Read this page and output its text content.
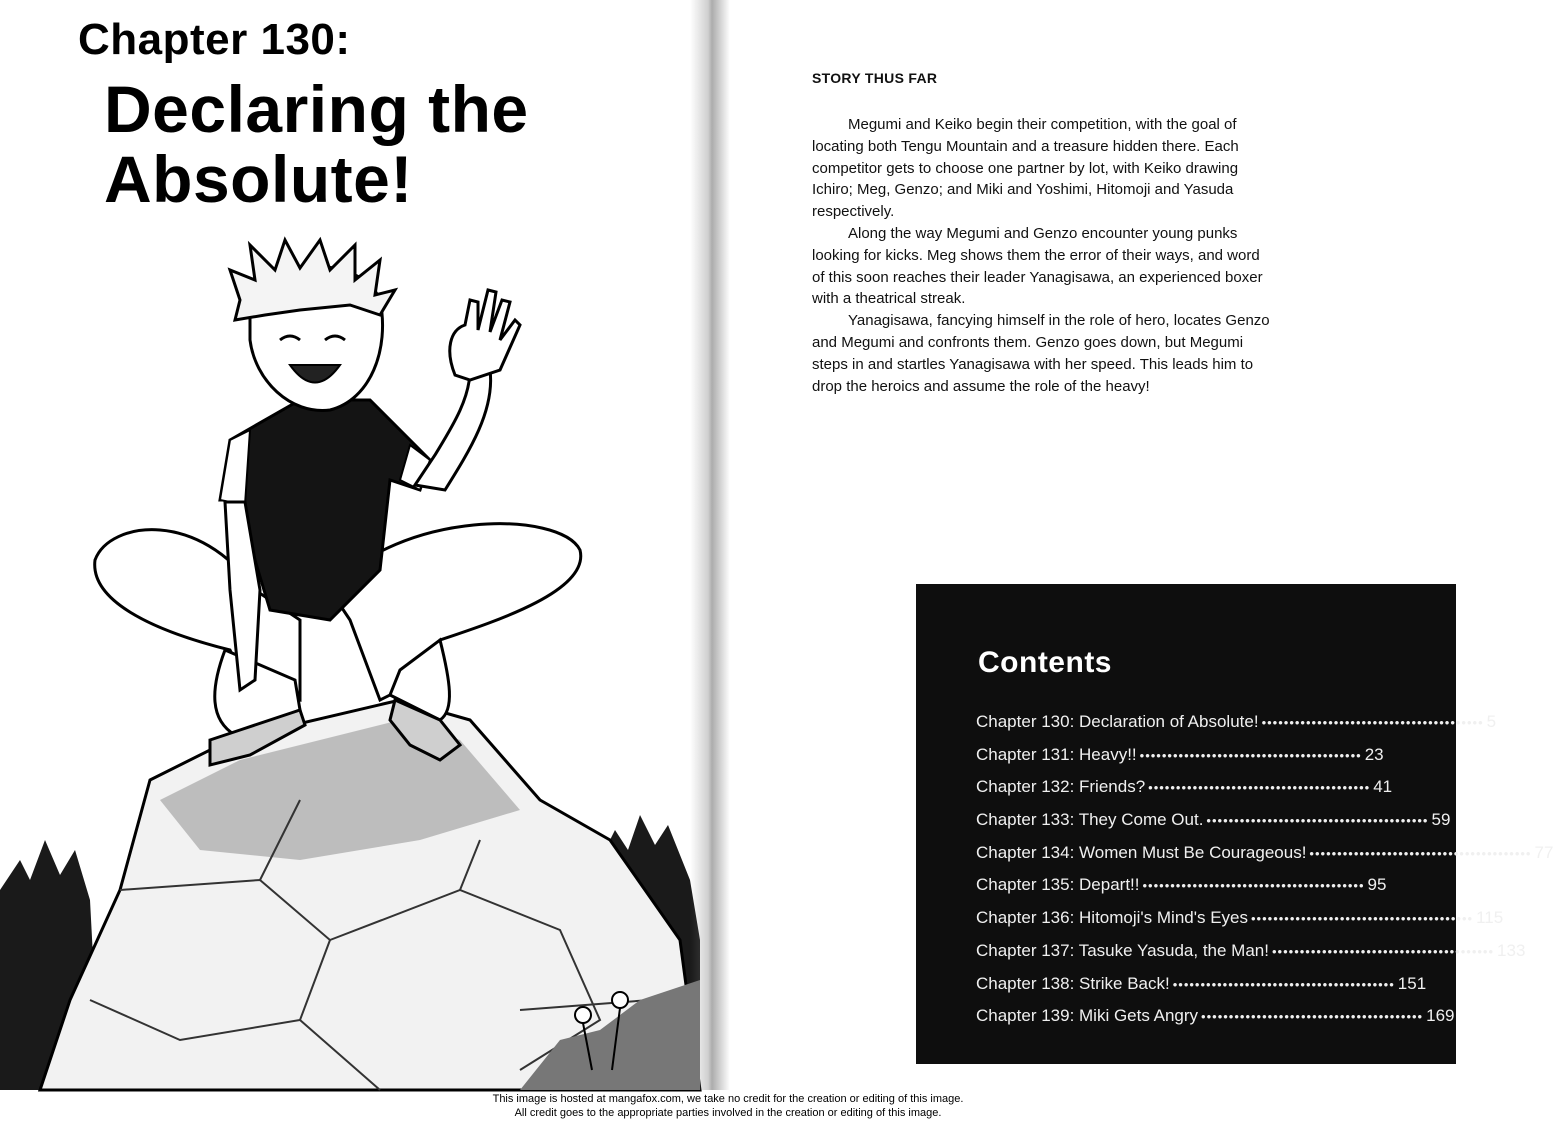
Chapter 130:
Declaring the
Absolute!
STORY THUS FAR

Megumi and Keiko begin their competition, with the goal of locating both Tengu Mountain and a treasure hidden there. Each competitor gets to choose one partner by lot, with Keiko drawing Ichiro; Meg, Genzo; and Miki and Yoshimi, Hitomoji and Yasuda respectively.

Along the way Megumi and Genzo encounter young punks looking for kicks. Meg shows them the error of their ways, and word of this soon reaches their leader Yanagisawa, an experienced boxer with a theatrical streak.

Yanagisawa, fancying himself in the role of hero, locates Genzo and Megumi and confronts them. Genzo goes down, but Megumi steps in and startles Yanagisawa with her speed. This leads him to drop the heroics and assume the role of the heavy!

Contents
Chapter 130: Declaration of Absolute! •••••••••••••••••••••••••••••••••••••••• 5
Chapter 131: Heavy!! •••••••••••••••••••••••••••••••••••••••• 23
Chapter 132: Friends? •••••••••••••••••••••••••••••••••••••••• 41
Chapter 133: They Come Out. •••••••••••••••••••••••••••••••••••••••• 59
Chapter 134: Women Must Be Courageous! •••••••••••••••••••••••••••••••••••••••• 77
Chapter 135: Depart!! •••••••••••••••••••••••••••••••••••••••• 95
Chapter 136: Hitomoji's Mind's Eyes •••••••••••••••••••••••••••••••••••••••• 115
Chapter 137: Tasuke Yasuda, the Man! •••••••••••••••••••••••••••••••••••••••• 133
Chapter 138: Strike Back! •••••••••••••••••••••••••••••••••••••••• 151
Chapter 139: Miki Gets Angry •••••••••••••••••••••••••••••••••••••••• 169
This image is hosted at mangafox.com, we take no credit for the creation or editing of this image.
All credit goes to the appropriate parties involved in the creation or editing of this image.
